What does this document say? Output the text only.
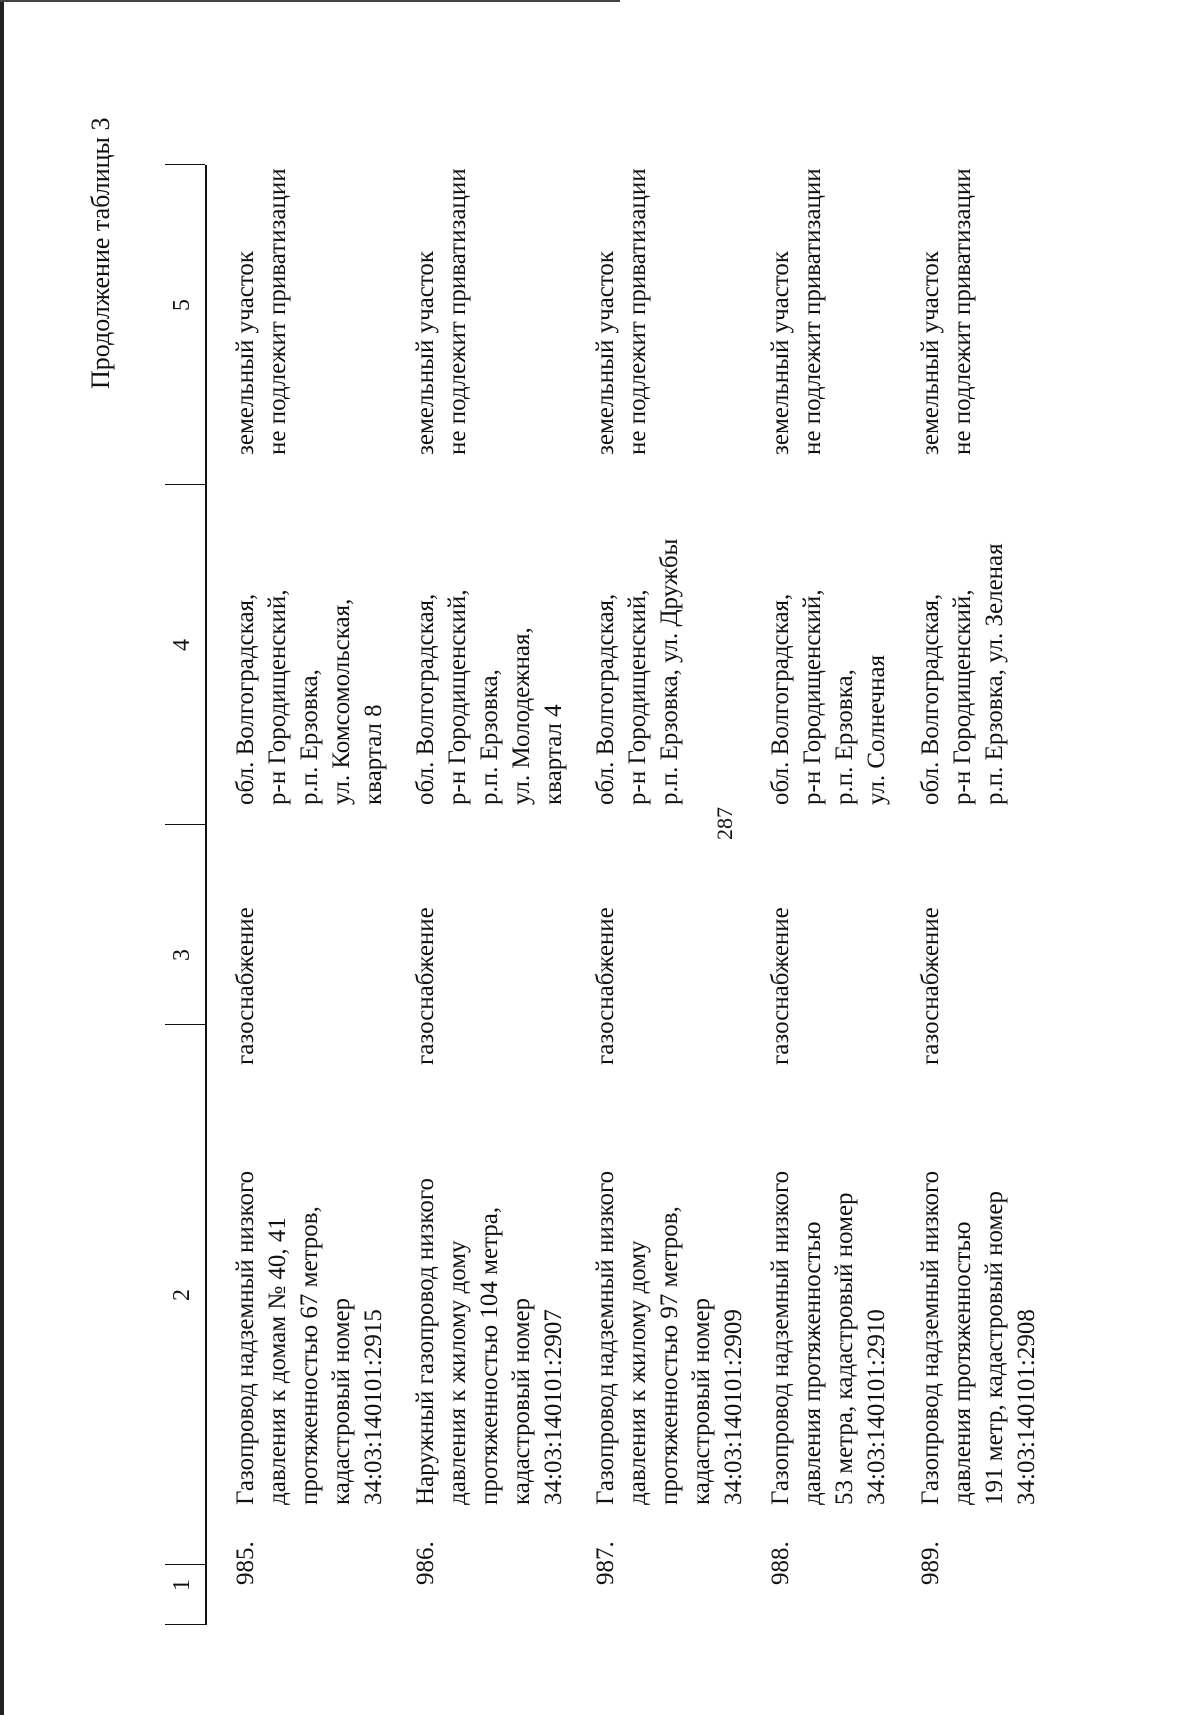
287
Продолжение таблицы 3
1
2
3
4
5
985.
Газопровод надземный низкого
давления к домам № 40, 41
протяженностью 67 метров,
кадастровый номер
34:03:140101:2915
газоснабжение
обл. Волгоградская,
р-н Городищенский,
р.п. Ерзовка,
ул. Комсомольская,
квартал 8
земельный участок
не подлежит приватизации
986.
Наружный газопровод низкого
давления к жилому дому
протяженностью 104 метра,
кадастровый номер
34:03:140101:2907
газоснабжение
обл. Волгоградская,
р-н Городищенский,
р.п. Ерзовка,
ул. Молодежная,
квартал 4
земельный участок
не подлежит приватизации
987.
Газопровод надземный низкого
давления к жилому дому
протяженностью 97 метров,
кадастровый номер
34:03:140101:2909
газоснабжение
обл. Волгоградская,
р-н Городищенский,
р.п. Ерзовка, ул. Дружбы
земельный участок
не подлежит приватизации
988.
Газопровод надземный низкого
давления протяженностью
53 метра, кадастровый номер
34:03:140101:2910
газоснабжение
обл. Волгоградская,
р-н Городищенский,
р.п. Ерзовка,
ул. Солнечная
земельный участок
не подлежит приватизации
989.
Газопровод надземный низкого
давления протяженностью
191 метр, кадастровый номер
34:03:140101:2908
газоснабжение
обл. Волгоградская,
р-н Городищенский,
р.п. Ерзовка, ул. Зеленая
земельный участок
не подлежит приватизации
